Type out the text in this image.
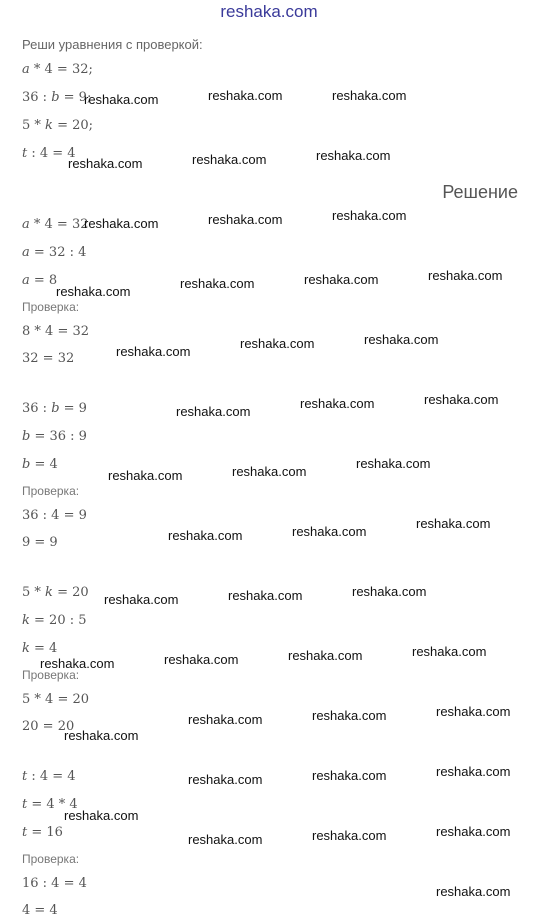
reshaka.com
Реши уравнения с проверкой:
Решение
a * 4 = 32;
36 : b = 9;
5 * k = 20;
t : 4 = 4
a * 4 = 32
a = 32 : 4
a = 8
Проверка:
8 * 4 = 32
32 = 32
36 : b = 9
b = 36 : 9
b = 4
Проверка:
36 : 4 = 9
9 = 9
5 * k = 20
k = 20 : 5
k = 4
Проверка:
5 * 4 = 20
20 = 20
t : 4 = 4
t = 4 * 4
t = 16
Проверка:
16 : 4 = 4
4 = 4
reshaka.com	reshaka.com	reshaka.com
reshaka.com	reshaka.com	reshaka.com
reshaka.com	reshaka.com	reshaka.com
reshaka.com
reshaka.com	reshaka.com	reshaka.com
reshaka.com
reshaka.com	reshaka.com
reshaka.com
reshaka.com	reshaka.com
reshaka.com	reshaka.com
reshaka.com
reshaka.com	reshaka.com
reshaka.com
reshaka.com	reshaka.com	reshaka.com
reshaka.com	reshaka.com	reshaka.com	reshaka.com
reshaka.com	reshaka.com	reshaka.com
reshaka.com
reshaka.com	reshaka.com	reshaka.com
reshaka.com
reshaka.com	reshaka.com	reshaka.com
reshaka.com
